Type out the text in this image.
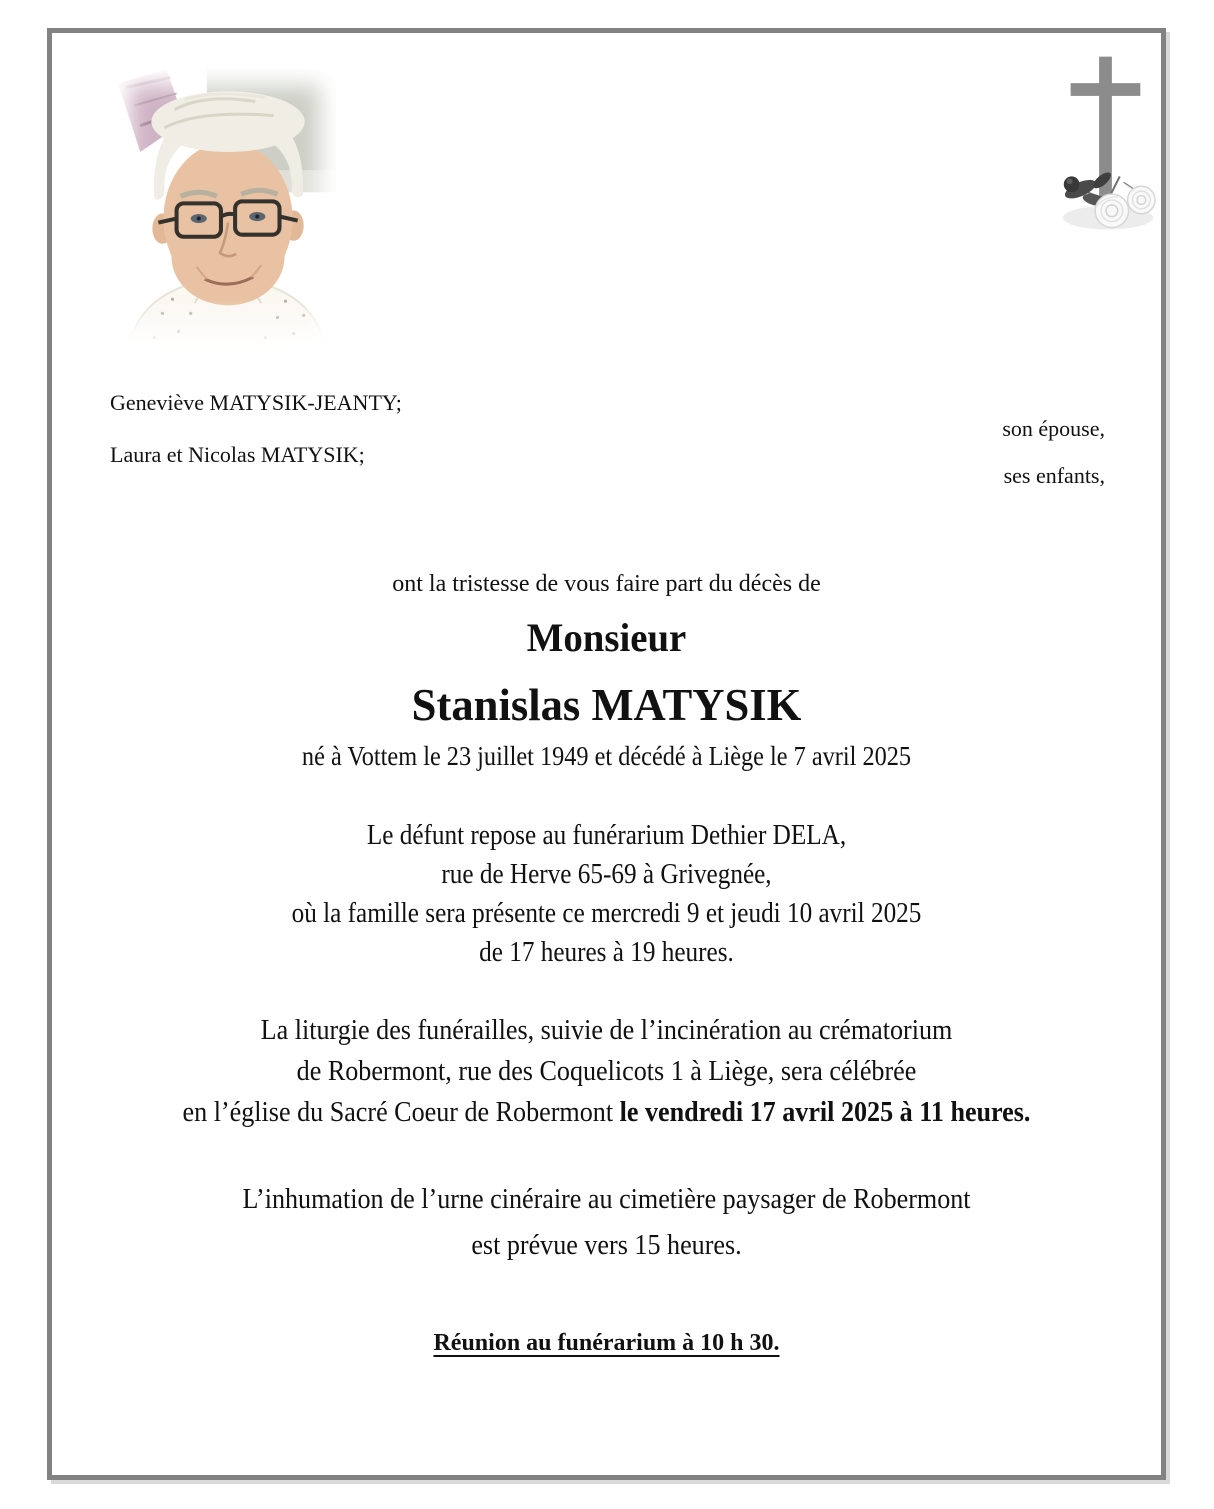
Geneviève MATYSIK-JEANTY;
Laura et Nicolas MATYSIK;
son épouse,
ses enfants,
ont la tristesse de vous faire part du décès de
Monsieur
Stanislas MATYSIK
né à Vottem le 23 juillet 1949 et décédé à Liège le 7 avril 2025
Le défunt repose au funérarium Dethier DELA,
rue de Herve 65-69 à Grivegnée,
où la famille sera présente ce mercredi 9 et jeudi 10 avril 2025
de 17 heures à 19 heures.
La liturgie des funérailles, suivie de l’incinération au crématorium
de Robermont, rue des Coquelicots 1 à Liège, sera célébrée
en l’église du Sacré Coeur de Robermont le vendredi 17 avril 2025 à 11 heures.
L’inhumation de l’urne cinéraire au cimetière paysager de Robermont
est prévue vers 15 heures.
Réunion au funérarium à 10 h 30.
